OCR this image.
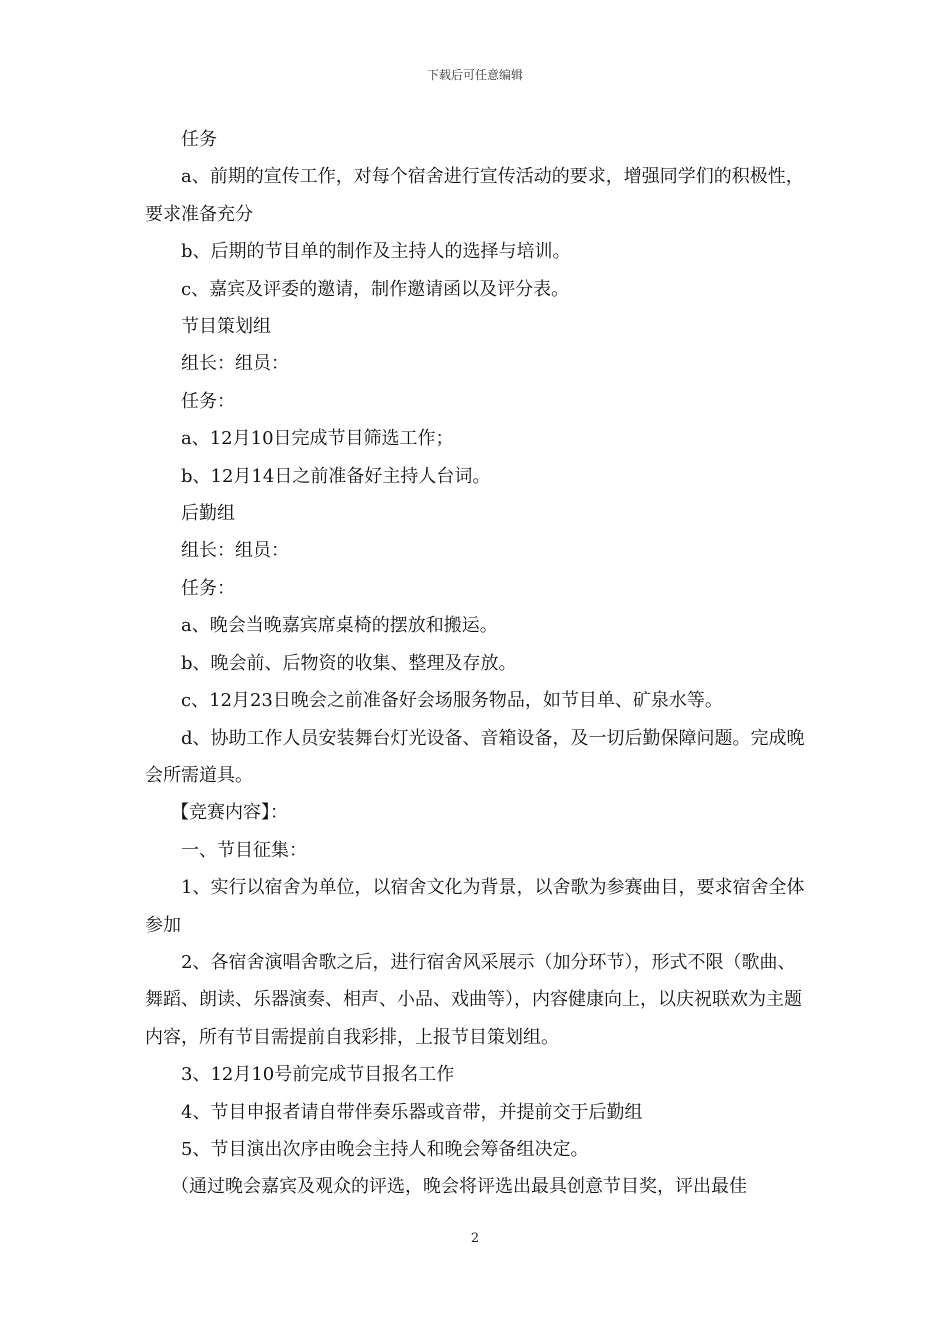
下载后可任意编辑

任务

a、前期的宣传工作，对每个宿舍进行宣传活动的要求，增强同学们的积极性，要求准备充分

b、后期的节目单的制作及主持人的选择与培训。

c、嘉宾及评委的邀请，制作邀请函以及评分表。

节目策划组

组长：组员：

任务：

a、12月10日完成节目筛选工作；

b、12月14日之前准备好主持人台词。

后勤组

组长：组员：

任务：

a、晚会当晚嘉宾席桌椅的摆放和搬运。

b、晚会前、后物资的收集、整理及存放。

c、12月23日晚会之前准备好会场服务物品，如节目单、矿泉水等。

d、协助工作人员安装舞台灯光设备、音箱设备，及一切后勤保障问题。完成晚会所需道具。

【竞赛内容】：

一、节目征集：

1、实行以宿舍为单位，以宿舍文化为背景，以舍歌为参赛曲目，要求宿舍全体参加

2、各宿舍演唱舍歌之后，进行宿舍风采展示（加分环节），形式不限（歌曲、舞蹈、朗读、乐器演奏、相声、小品、戏曲等），内容健康向上，以庆祝联欢为主题内容，所有节目需提前自我彩排，上报节目策划组。

3、12月10号前完成节目报名工作

4、节目申报者请自带伴奏乐器或音带，并提前交于后勤组

5、节目演出次序由晚会主持人和晚会筹备组决定。

（通过晚会嘉宾及观众的评选，晚会将评选出最具创意节目奖，评出最佳

2
